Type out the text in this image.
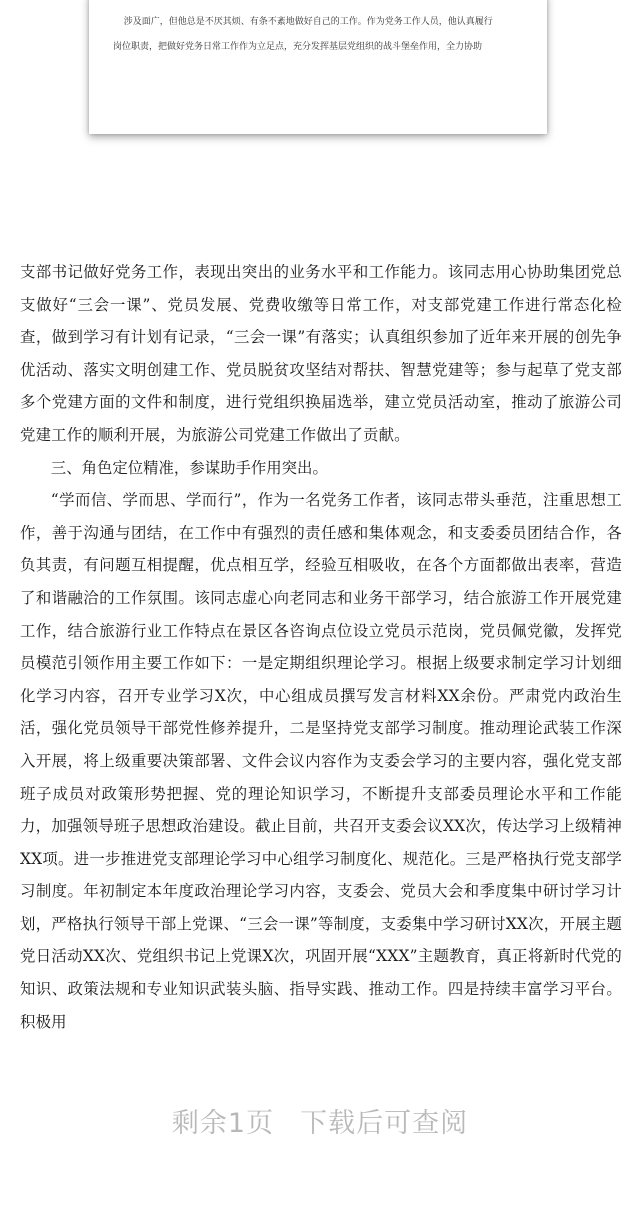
涉及面广，但他总是不厌其烦、有条不紊地做好自己的工作。作为党务工作人员，他认真履行

岗位职责，把做好党务日常工作作为立足点，充分发挥基层党组织的战斗堡垒作用，全力协助

支部书记做好党务工作，表现出突出的业务水平和工作能力。该同志用心协助集团党总支做好“三会一课”、党员发展、党费收缴等日常工作，对支部党建工作进行常态化检查，做到学习有计划有记录，“三会一课”有落实；认真组织参加了近年来开展的创先争优活动、落实文明创建工作、党员脱贫攻坚结对帮扶、智慧党建等；参与起草了党支部多个党建方面的文件和制度，进行党组织换届选举，建立党员活动室，推动了旅游公司党建工作的顺利开展，为旅游公司党建工作做出了贡献。

三、角色定位精准，参谋助手作用突出。

“学而信、学而思、学而行”，作为一名党务工作者，该同志带头垂范，注重思想工作，善于沟通与团结，在工作中有强烈的责任感和集体观念，和支委委员团结合作，各负其责，有问题互相提醒，优点相互学，经验互相吸收，在各个方面都做出表率，营造了和谐融洽的工作氛围。该同志虚心向老同志和业务干部学习，结合旅游工作开展党建工作，结合旅游行业工作特点在景区各咨询点位设立党员示范岗，党员佩党徽，发挥党员模范引领作用主要工作如下：一是定期组织理论学习。根据上级要求制定学习计划细化学习内容，召开专业学习X次，中心组成员撰写发言材料XX余份。严肃党内政治生活，强化党员领导干部党性修养提升，二是坚持党支部学习制度。推动理论武装工作深入开展，将上级重要决策部署、文件会议内容作为支委会学习的主要内容，强化党支部班子成员对政策形势把握、党的理论知识学习，不断提升支部委员理论水平和工作能力，加强领导班子思想政治建设。截止目前，共召开支委会议XX次，传达学习上级精神XX项。进一步推进党支部理论学习中心组学习制度化、规范化。三是严格执行党支部学习制度。年初制定本年度政治理论学习内容，支委会、党员大会和季度集中研讨学习计划，严格执行领导干部上党课、“三会一课”等制度，支委集中学习研讨XX次，开展主题党日活动XX次、党组织书记上党课X次，巩固开展“XXX”主题教育，真正将新时代党的知识、政策法规和专业知识武装头脑、指导实践、推动工作。四是持续丰富学习平台。积极用

剩余1页 下载后可查阅
